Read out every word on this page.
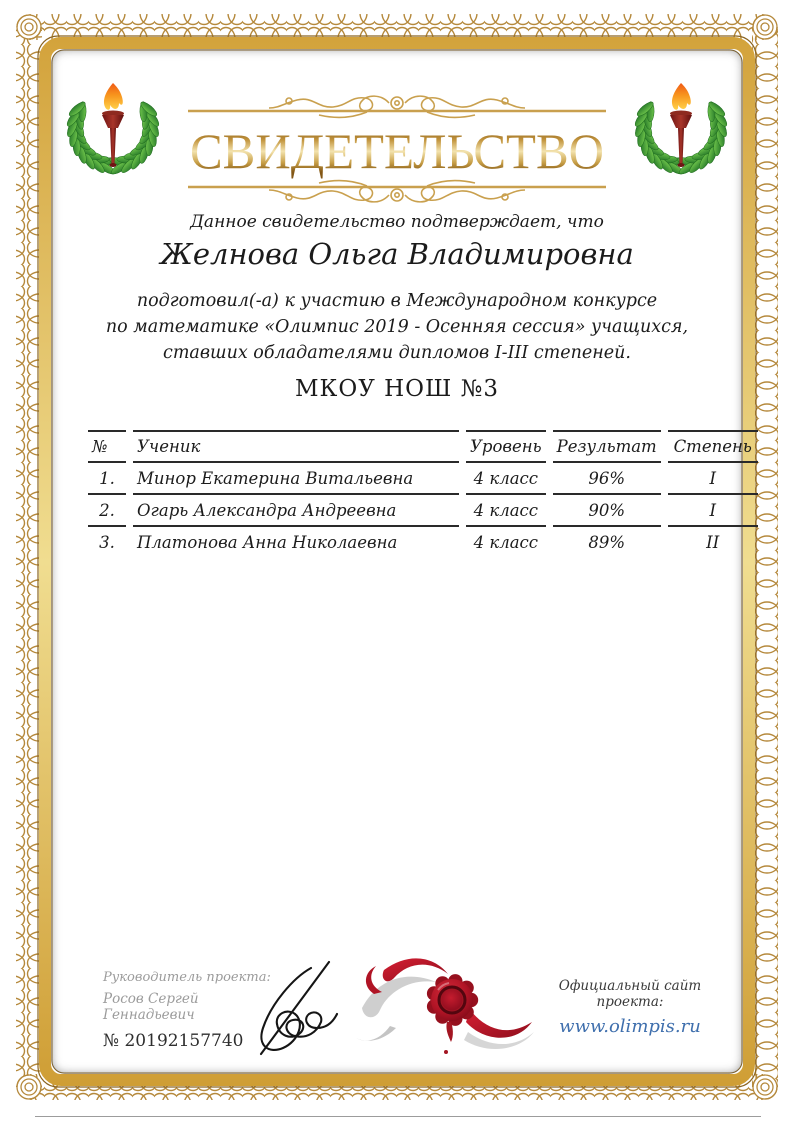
СВИДЕТЕЛЬСТВО
Данное свидетельство подтверждает, что
Желнова Ольга Владимировна
подготовил(-а) к участию в Международном конкурсе
по математике «Олимпис 2019 - Осенняя сессия» учащихся,
ставших обладателями дипломов I-III степеней.
МКОУ НОШ №3
№	Ученик	Уровень	Результат	Степень
1.	Минор Екатерина Витальевна	4 класс	96%	I
2.	Огарь Александра Андреевна	4 класс	90%	I
3.	Платонова Анна Николаевна	4 класс	89%	II
Руководитель проекта:
Росов Сергей Геннадьевич
№ 20192157740
Официальный сайт проекта:
www.olimpis.ru
